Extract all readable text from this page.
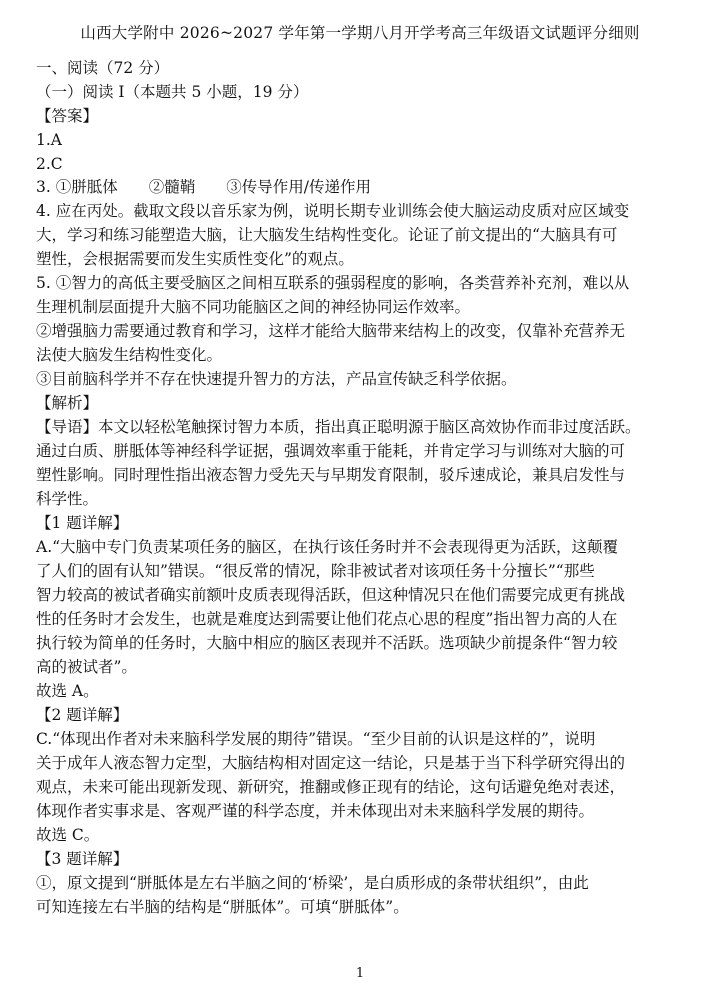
山西大学附中 2026~2027 学年第一学期八月开学考高三年级语文试题评分细则
一、阅读（72 分）
（一）阅读 I（本题共 5 小题，19 分）
【答案】
1.A
2.C
3. ①胼胝体　　②髓鞘　　③传导作用/传递作用
4. 应在丙处。截取文段以音乐家为例，说明长期专业训练会使大脑运动皮质对应区域变
大，学习和练习能塑造大脑，让大脑发生结构性变化。论证了前文提出的“大脑具有可
塑性，会根据需要而发生实质性变化”的观点。
5. ①智力的高低主要受脑区之间相互联系的强弱程度的影响，各类营养补充剂，难以从
生理机制层面提升大脑不同功能脑区之间的神经协同运作效率。
②增强脑力需要通过教育和学习，这样才能给大脑带来结构上的改变，仅靠补充营养无
法使大脑发生结构性变化。
③目前脑科学并不存在快速提升智力的方法，产品宣传缺乏科学依据。
【解析】
【导语】本文以轻松笔触探讨智力本质，指出真正聪明源于脑区高效协作而非过度活跃。
通过白质、胼胝体等神经科学证据，强调效率重于能耗，并肯定学习与训练对大脑的可
塑性影响。同时理性指出液态智力受先天与早期发育限制，驳斥速成论，兼具启发性与
科学性。
【1 题详解】
A.“大脑中专门负责某项任务的脑区，在执行该任务时并不会表现得更为活跃，这颠覆
了人们的固有认知”错误。“很反常的情况，除非被试者对该项任务十分擅长”“那些
智力较高的被试者确实前额叶皮质表现得活跃，但这种情况只在他们需要完成更有挑战
性的任务时才会发生，也就是难度达到需要让他们花点心思的程度”指出智力高的人在
执行较为简单的任务时，大脑中相应的脑区表现并不活跃。选项缺少前提条件“智力较
高的被试者”。
故选 A。
【2 题详解】
C.“体现出作者对未来脑科学发展的期待”错误。“至少目前的认识是这样的”，说明
关于成年人液态智力定型，大脑结构相对固定这一结论，只是基于当下科学研究得出的
观点，未来可能出现新发现、新研究，推翻或修正现有的结论，这句话避免绝对表述，
体现作者实事求是、客观严谨的科学态度，并未体现出对未来脑科学发展的期待。
故选 C。
【3 题详解】
①，原文提到“胼胝体是左右半脑之间的‘桥梁’，是白质形成的条带状组织”，由此
可知连接左右半脑的结构是“胼胝体”。可填“胼胝体”。
1
